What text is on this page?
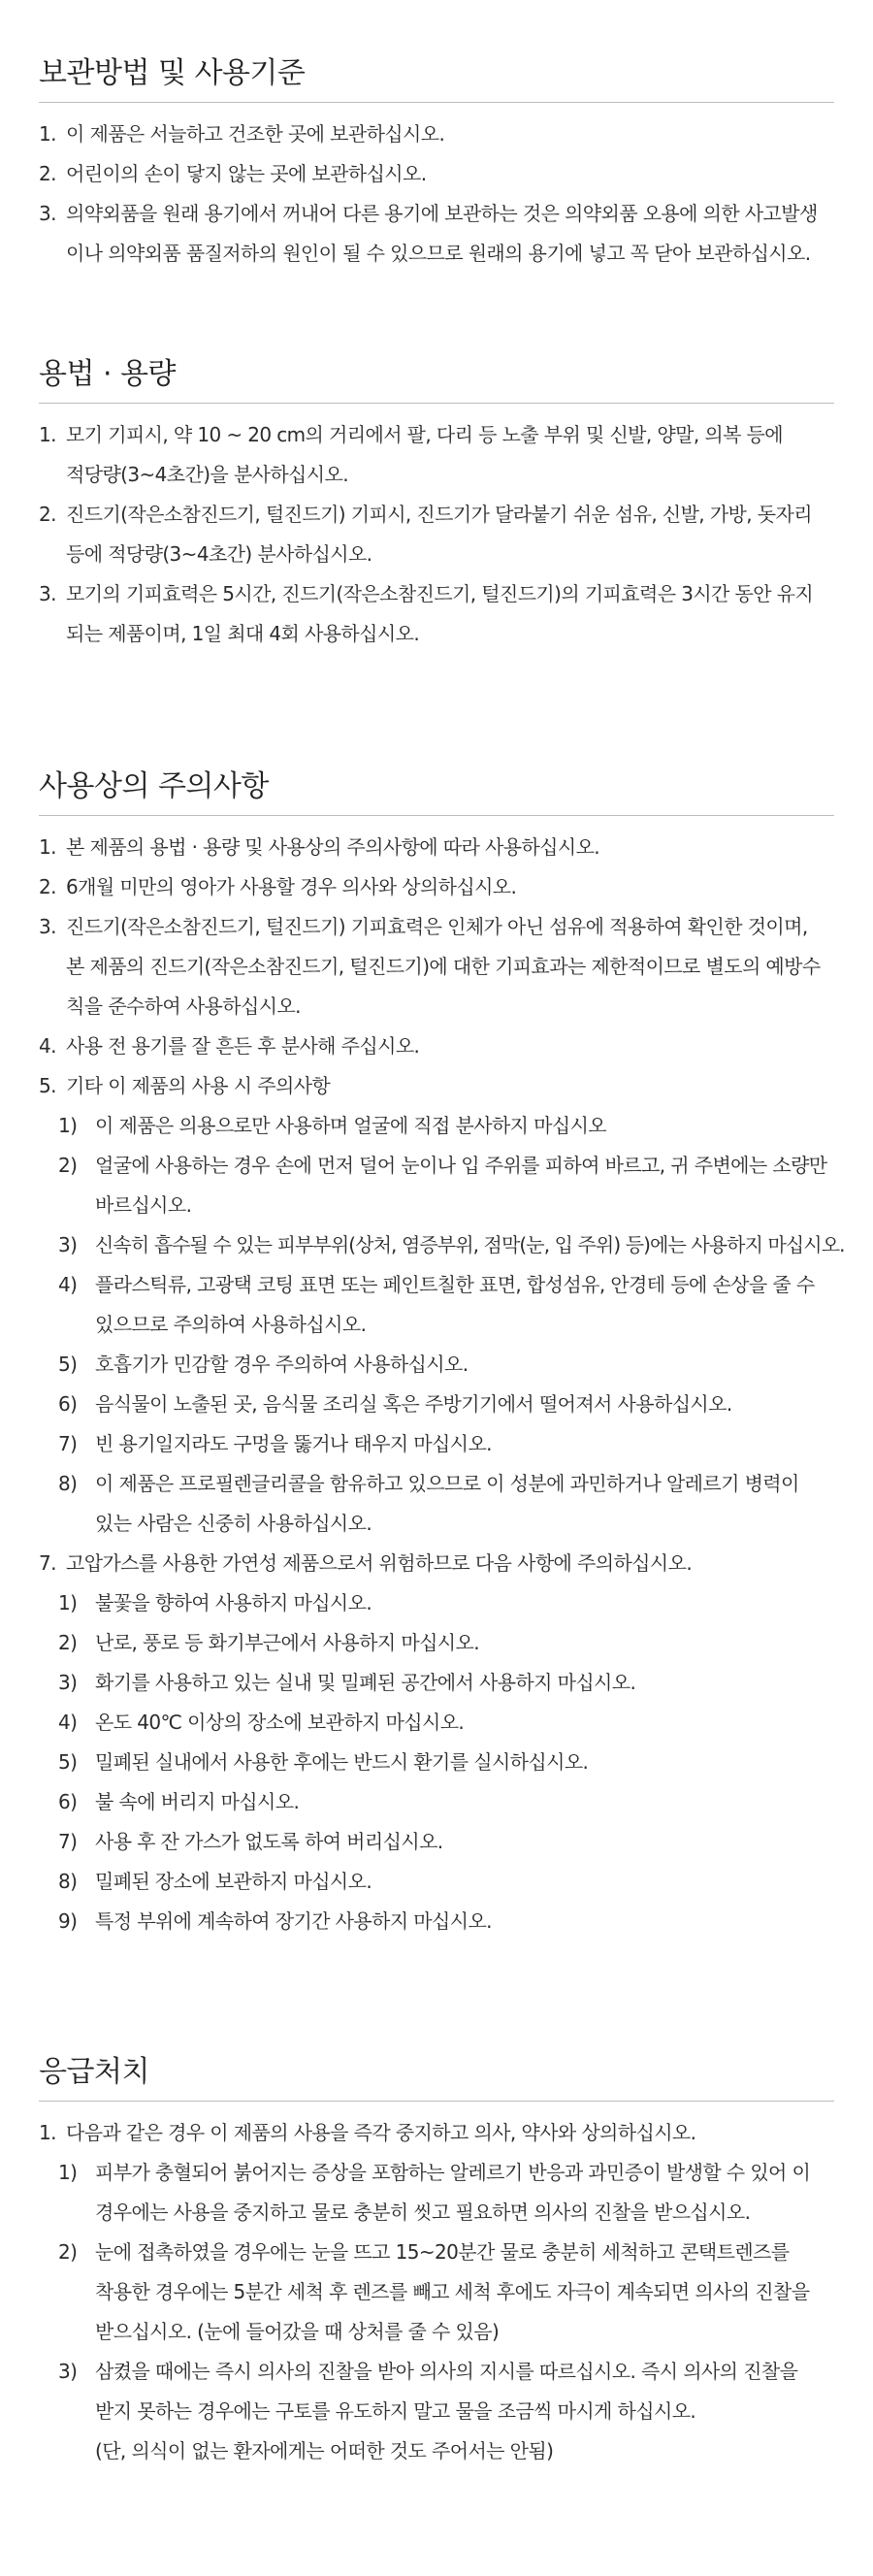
보관방법 및 사용기준
1. 이 제품은 서늘하고 건조한 곳에 보관하십시오.
2. 어린이의 손이 닿지 않는 곳에 보관하십시오.
3. 의약외품을 원래 용기에서 꺼내어 다른 용기에 보관하는 것은 의약외품 오용에 의한 사고발생
이나 의약외품 품질저하의 원인이 될 수 있으므로 원래의 용기에 넣고 꼭 닫아 보관하십시오.
용법 · 용량
1. 모기 기피시, 약 10 ~ 20 cm의 거리에서 팔, 다리 등 노출 부위 및 신발, 양말, 의복 등에
적당량(3~4초간)을 분사하십시오.
2. 진드기(작은소참진드기, 털진드기) 기피시, 진드기가 달라붙기 쉬운 섬유, 신발, 가방, 돗자리
등에 적당량(3~4초간) 분사하십시오.
3. 모기의 기피효력은 5시간, 진드기(작은소참진드기, 털진드기)의 기피효력은 3시간 동안 유지
되는 제품이며, 1일 최대 4회 사용하십시오.
사용상의 주의사항
1. 본 제품의 용법 · 용량 및 사용상의 주의사항에 따라 사용하십시오.
2. 6개월 미만의 영아가 사용할 경우 의사와 상의하십시오.
3. 진드기(작은소참진드기, 털진드기) 기피효력은 인체가 아닌 섬유에 적용하여 확인한 것이며,
본 제품의 진드기(작은소참진드기, 털진드기)에 대한 기피효과는 제한적이므로 별도의 예방수
칙을 준수하여 사용하십시오.
4. 사용 전 용기를 잘 흔든 후 분사해 주십시오.
5. 기타 이 제품의 사용 시 주의사항
1) 이 제품은 의용으로만 사용하며 얼굴에 직접 분사하지 마십시오
2) 얼굴에 사용하는 경우 손에 먼저 덜어 눈이나 입 주위를 피하여 바르고, 귀 주변에는 소량만
바르십시오.
3) 신속히 흡수될 수 있는 피부부위(상처, 염증부위, 점막(눈, 입 주위) 등)에는 사용하지 마십시오.
4) 플라스틱류, 고광택 코팅 표면 또는 페인트칠한 표면, 합성섬유, 안경테 등에 손상을 줄 수
있으므로 주의하여 사용하십시오.
5) 호흡기가 민감할 경우 주의하여 사용하십시오.
6) 음식물이 노출된 곳, 음식물 조리실 혹은 주방기기에서 떨어져서 사용하십시오.
7) 빈 용기일지라도 구멍을 뚫거나 태우지 마십시오.
8) 이 제품은 프로필렌글리콜을 함유하고 있으므로 이 성분에 과민하거나 알레르기 병력이
있는 사람은 신중히 사용하십시오.
7. 고압가스를 사용한 가연성 제품으로서 위험하므로 다음 사항에 주의하십시오.
1) 불꽃을 향하여 사용하지 마십시오.
2) 난로, 풍로 등 화기부근에서 사용하지 마십시오.
3) 화기를 사용하고 있는 실내 및 밀폐된 공간에서 사용하지 마십시오.
4) 온도 40℃ 이상의 장소에 보관하지 마십시오.
5) 밀폐된 실내에서 사용한 후에는 반드시 환기를 실시하십시오.
6) 불 속에 버리지 마십시오.
7) 사용 후 잔 가스가 없도록 하여 버리십시오.
8) 밀폐된 장소에 보관하지 마십시오.
9) 특정 부위에 계속하여 장기간 사용하지 마십시오.
응급처치
1. 다음과 같은 경우 이 제품의 사용을 즉각 중지하고 의사, 약사와 상의하십시오.
1) 피부가 충혈되어 붉어지는 증상을 포함하는 알레르기 반응과 과민증이 발생할 수 있어 이
경우에는 사용을 중지하고 물로 충분히 씻고 필요하면 의사의 진찰을 받으십시오.
2) 눈에 접촉하였을 경우에는 눈을 뜨고 15~20분간 물로 충분히 세척하고 콘택트렌즈를
착용한 경우에는 5분간 세척 후 렌즈를 빼고 세척 후에도 자극이 계속되면 의사의 진찰을
받으십시오. (눈에 들어갔을 때 상처를 줄 수 있음)
3) 삼켰을 때에는 즉시 의사의 진찰을 받아 의사의 지시를 따르십시오. 즉시 의사의 진찰을
받지 못하는 경우에는 구토를 유도하지 말고 물을 조금씩 마시게 하십시오.
(단, 의식이 없는 환자에게는 어떠한 것도 주어서는 안됨)
